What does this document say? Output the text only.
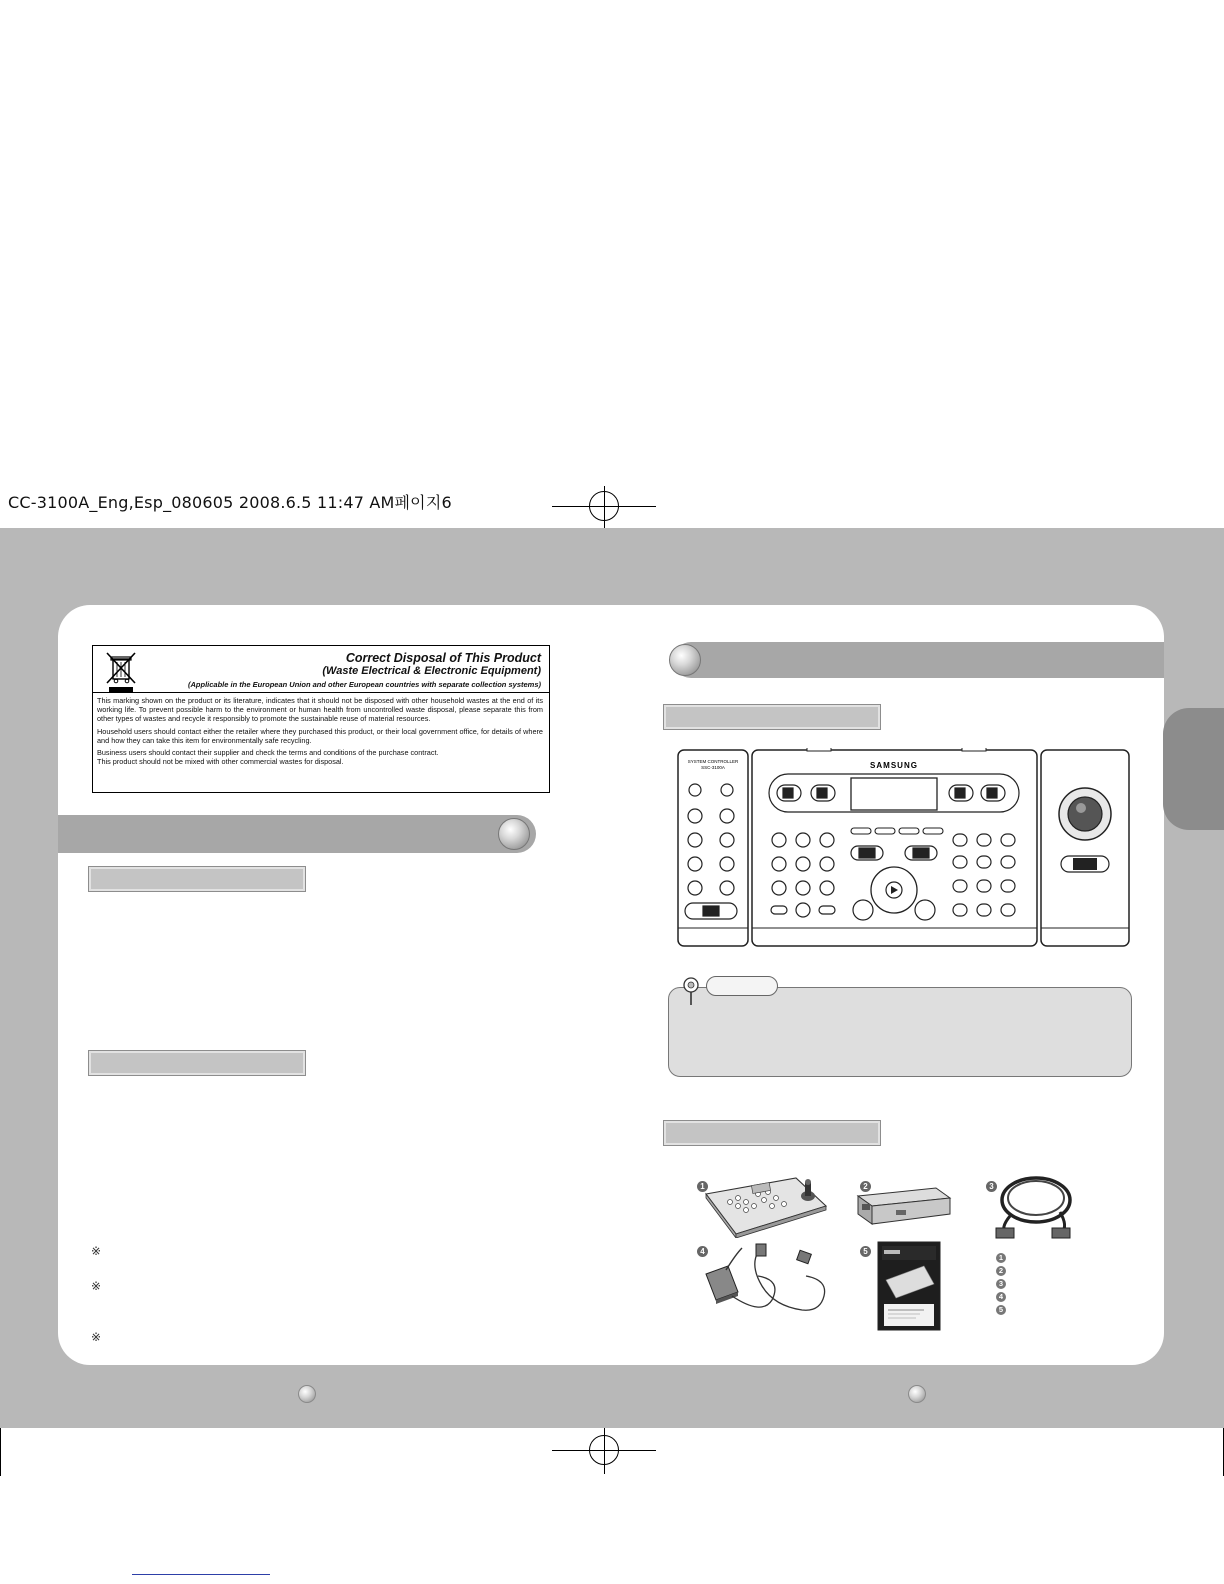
CC-3100A_Eng,Esp_080605 2008.6.5 11:47 AM페이지6
Correct Disposal of This Product
(Waste Electrical & Electronic Equipment)
(Applicable in the European Union and other European countries with separate collection systems)

This marking shown on the product or its literature, indicates that it should not be disposed with other household wastes at the end of its working life. To prevent possible harm to the environment or human health from uncontrolled waste disposal, please separate this from other types of wastes and recycle it responsibly to promote the sustainable reuse of material resources.

Household users should contact either the retailer where they purchased this product, or their local government office, for details of where and how they can take this item for environmentally safe recycling.

Business users should contact their supplier and check the terms and conditions of the purchase contract.

This product should not be mixed with other commercial wastes for disposal.

※
※
※
SYSTEM CONTROLLER
SSC-3100A	SAMSUNG
1	2	3
4	5
1
2
3
4
5
